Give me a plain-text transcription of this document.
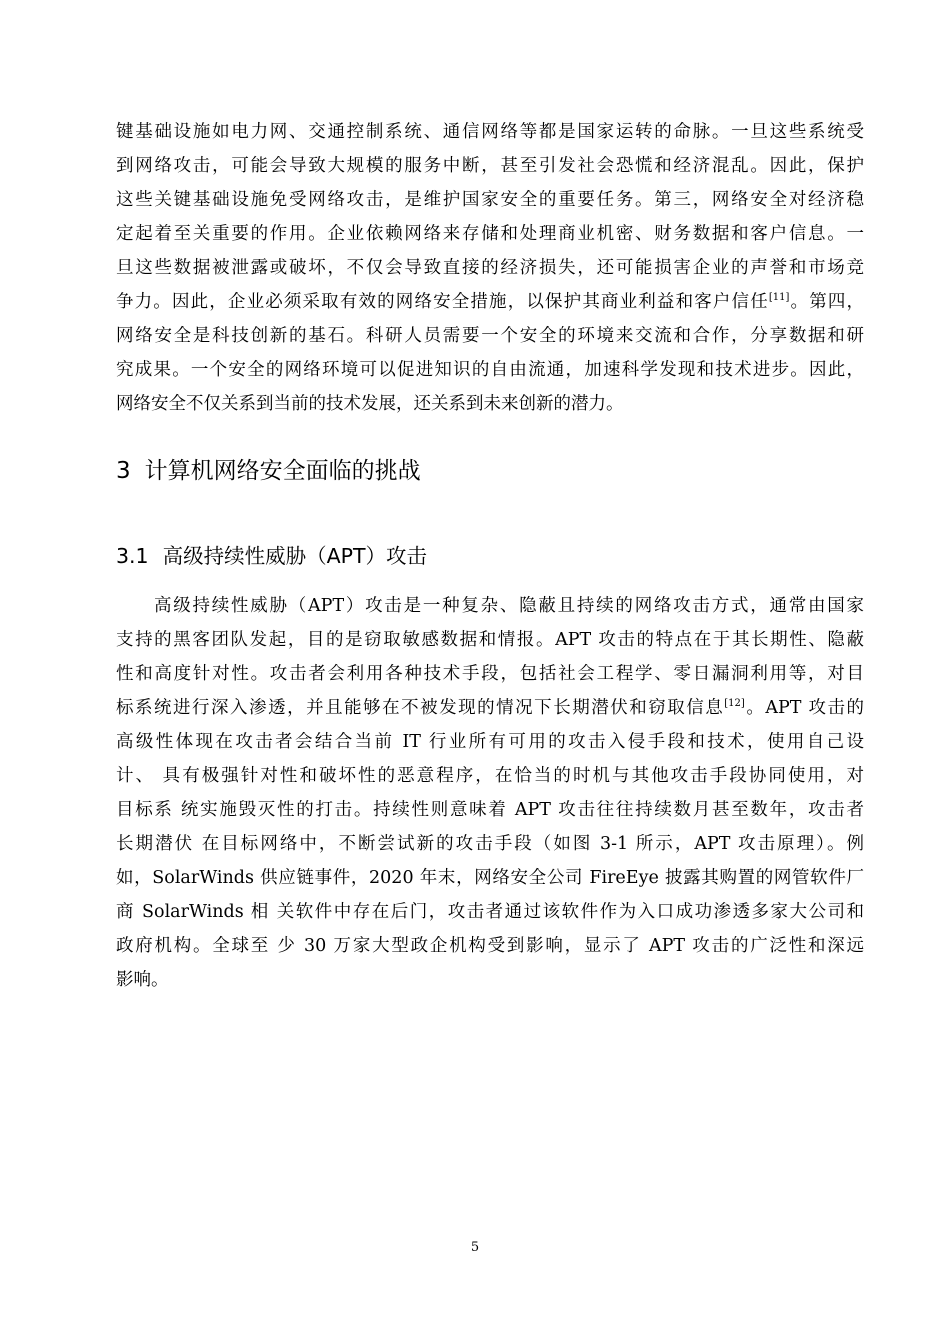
键基础设施如电力网、交通控制系统、通信网络等都是国家运转的命脉。一旦这些系统受
到网络攻击，可能会导致大规模的服务中断，甚至引发社会恐慌和经济混乱。因此，保护
这些关键基础设施免受网络攻击，是维护国家安全的重要任务。第三，网络安全对经济稳
定起着至关重要的作用。企业依赖网络来存储和处理商业机密、财务数据和客户信息。一
旦这些数据被泄露或破坏，不仅会导致直接的经济损失，还可能损害企业的声誉和市场竞
争力。因此，企业必须采取有效的网络安全措施，以保护其商业利益和客户信任[11]。第四，
网络安全是科技创新的基石。科研人员需要一个安全的环境来交流和合作，分享数据和研
究成果。一个安全的网络环境可以促进知识的自由流通，加速科学发现和技术进步。因此，
网络安全不仅关系到当前的技术发展，还关系到未来创新的潜力。
3 计算机网络安全面临的挑战
3.1 高级持续性威胁（APT）攻击
高级持续性威胁（APT）攻击是一种复杂、隐蔽且持续的网络攻击方式，通常由国家
支持的黑客团队发起，目的是窃取敏感数据和情报。APT 攻击的特点在于其长期性、隐蔽
性和高度针对性。攻击者会利用各种技术手段，包括社会工程学、零日漏洞利用等，对目
标系统进行深入渗透，并且能够在不被发现的情况下长期潜伏和窃取信息[12]。APT 攻击的
高级性体现在攻击者会结合当前 IT 行业所有可用的攻击入侵手段和技术，使用自己设
计、 具有极强针对性和破坏性的恶意程序，在恰当的时机与其他攻击手段协同使用，对
目标系 统实施毁灭性的打击。持续性则意味着 APT 攻击往往持续数月甚至数年，攻击者
长期潜伏 在目标网络中，不断尝试新的攻击手段（如图 3-1 所示，APT 攻击原理）。例
如，SolarWinds 供应链事件，2020 年末，网络安全公司 FireEye 披露其购置的网管软件厂
商 SolarWinds 相 关软件中存在后门，攻击者通过该软件作为入口成功渗透多家大公司和
政府机构。全球至 少 30 万家大型政企机构受到影响，显示了 APT 攻击的广泛性和深远
影响。
5
